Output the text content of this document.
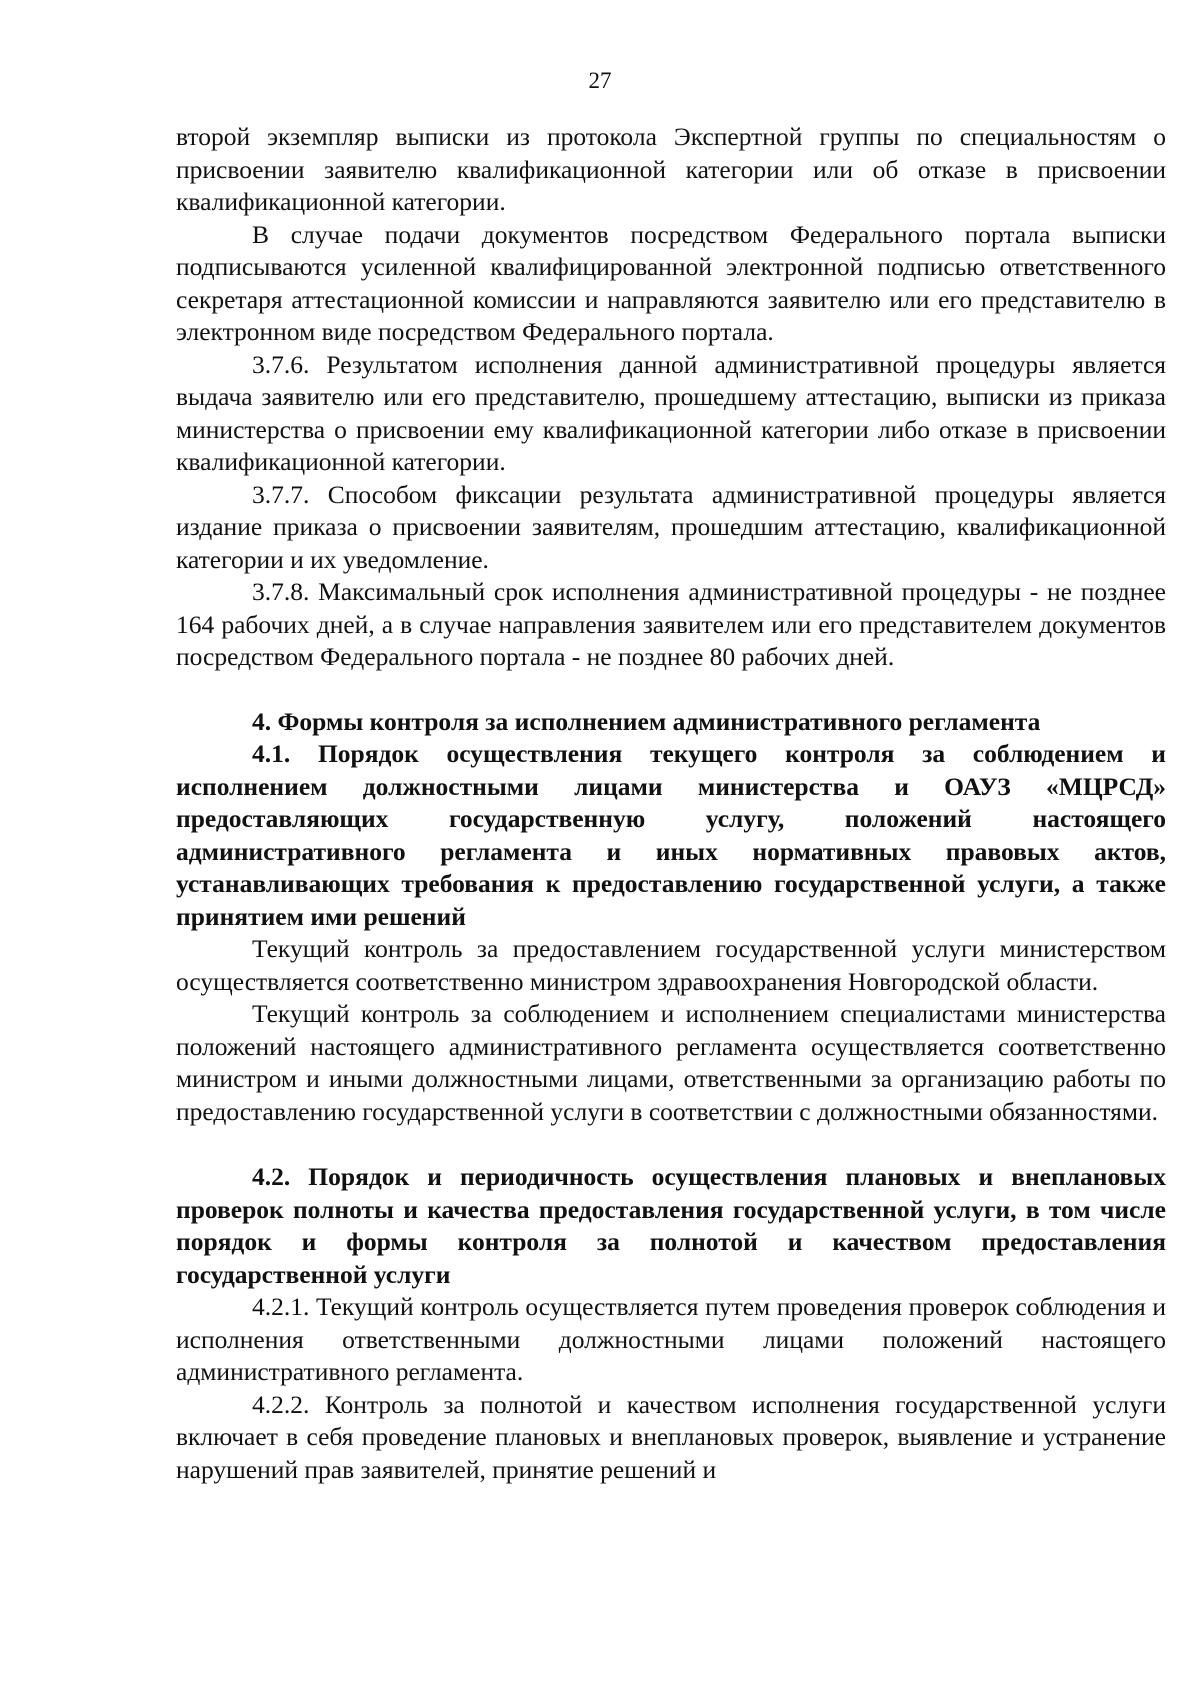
27

второй экземпляр выписки из протокола Экспертной группы по специальностям о присвоении заявителю квалификационной категории или об отказе в присвоении квалификационной категории.

В случае подачи документов посредством Федерального портала выписки подписываются усиленной квалифицированной электронной подписью ответственного секретаря аттестационной комиссии и направляются заявителю или его представителю в электронном виде посредством Федерального портала.

3.7.6. Результатом исполнения данной административной процедуры является выдача заявителю или его представителю, прошедшему аттестацию, выписки из приказа министерства о присвоении ему квалификационной категории либо отказе в присвоении квалификационной категории.

3.7.7. Способом фиксации результата административной процедуры является издание приказа о присвоении заявителям, прошедшим аттестацию, квалификационной категории и их уведомление.

3.7.8. Максимальный срок исполнения административной процедуры - не позднее 164 рабочих дней, а в случае направления заявителем или его представителем документов посредством Федерального портала - не позднее 80 рабочих дней.

4. Формы контроля за исполнением административного регламента

4.1. Порядок осуществления текущего контроля за соблюдением и исполнением должностными лицами министерства и ОАУЗ «МЦРСД» предоставляющих государственную услугу, положений настоящего административного регламента и иных нормативных правовых актов, устанавливающих требования к предоставлению государственной услуги, а также принятием ими решений

Текущий контроль за предоставлением государственной услуги министерством осуществляется соответственно министром здравоохранения Новгородской области.

Текущий контроль за соблюдением и исполнением специалистами министерства положений настоящего административного регламента осуществляется соответственно министром и иными должностными лицами, ответственными за организацию работы по предоставлению государственной услуги в соответствии с должностными обязанностями.

4.2. Порядок и периодичность осуществления плановых и внеплановых проверок полноты и качества предоставления государственной услуги, в том числе порядок и формы контроля за полнотой и качеством предоставления государственной услуги

4.2.1. Текущий контроль осуществляется путем проведения проверок соблюдения и исполнения ответственными должностными лицами положений настоящего административного регламента.

4.2.2. Контроль за полнотой и качеством исполнения государственной услуги включает в себя проведение плановых и внеплановых проверок, выявление и устранение нарушений прав заявителей, принятие решений и
